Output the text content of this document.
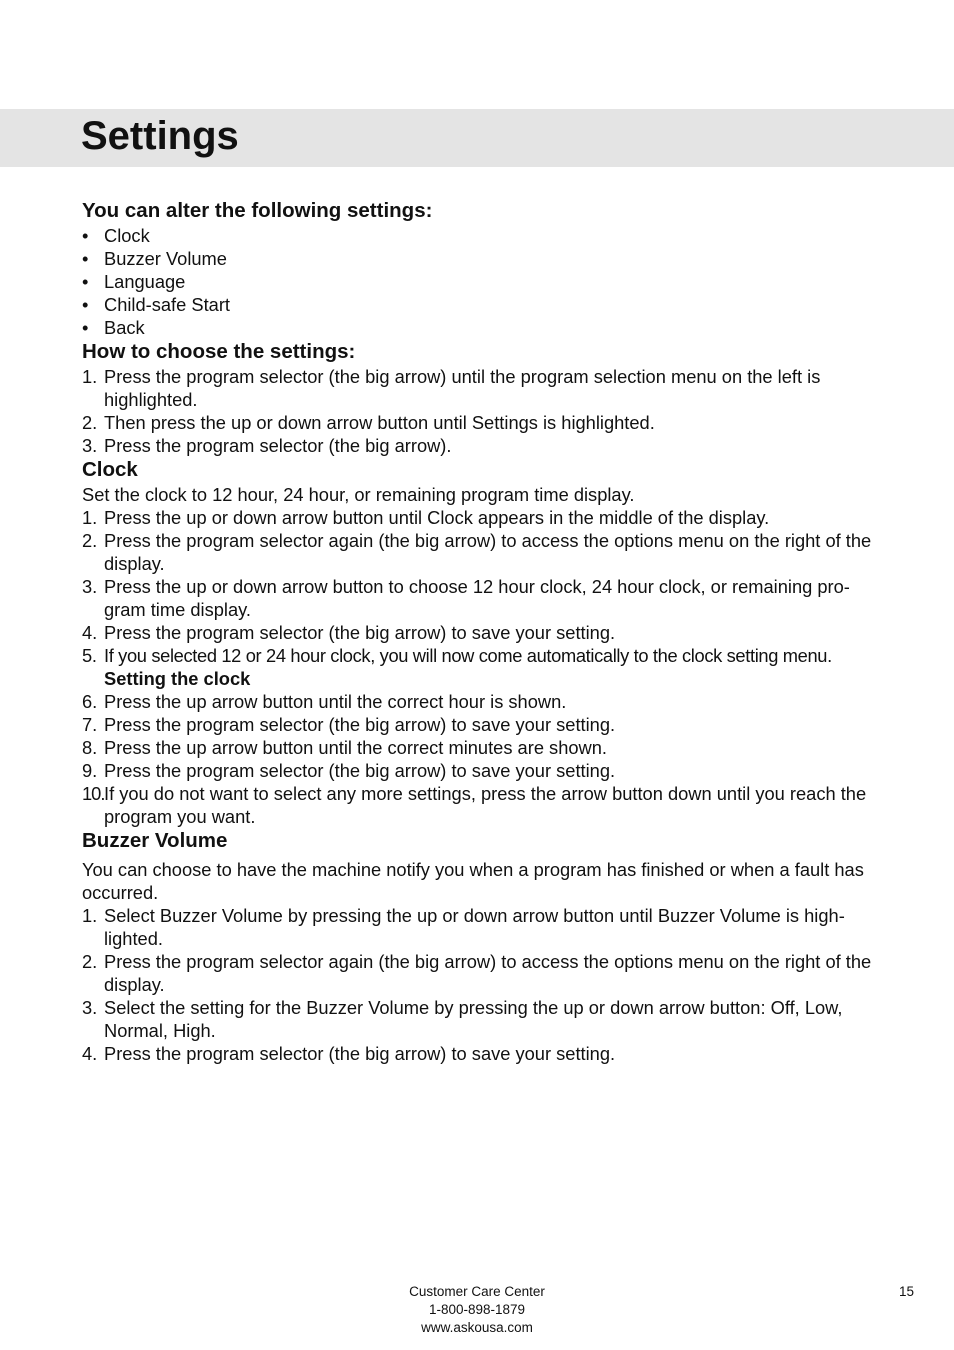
Settings
You can alter the following settings:
• Clock
• Buzzer Volume
• Language
• Child-safe Start
• Back
How to choose the settings:
1. Press the program selector (the big arrow) until the program selection menu on the left is highlighted.
2. Then press the up or down arrow button until Settings is highlighted.
3. Press the program selector (the big arrow).
Clock

Set the clock to 12 hour, 24 hour, or remaining program time display.

1. Press the up or down arrow button until Clock appears in the middle of the display.
2. Press the program selector again (the big arrow) to access the options menu on the right of the display.
3. Press the up or down arrow button to choose 12 hour clock, 24 hour clock, or remaining pro-gram time display.
4. Press the program selector (the big arrow) to save your setting.
5. If you selected 12 or 24 hour clock, you will now come automatically to the clock setting menu.

Setting the clock

6. Press the up arrow button until the correct hour is shown.
7. Press the program selector (the big arrow) to save your setting.
8. Press the up arrow button until the correct minutes are shown.
9. Press the program selector (the big arrow) to save your setting.
10. If you do not want to select any more settings, press the arrow button down until you reach the program you want.
Buzzer Volume

You can choose to have the machine notify you when a program has finished or when a fault has occurred.

1. Select Buzzer Volume by pressing the up or down arrow button until Buzzer Volume is high-lighted.
2. Press the program selector again (the big arrow) to access the options menu on the right of the display.
3. Select the setting for the Buzzer Volume by pressing the up or down arrow button: Off, Low, Normal, High.
4. Press the program selector (the big arrow) to save your setting.
Customer Care Center
1-800-898-1879
www.askousa.com
15
